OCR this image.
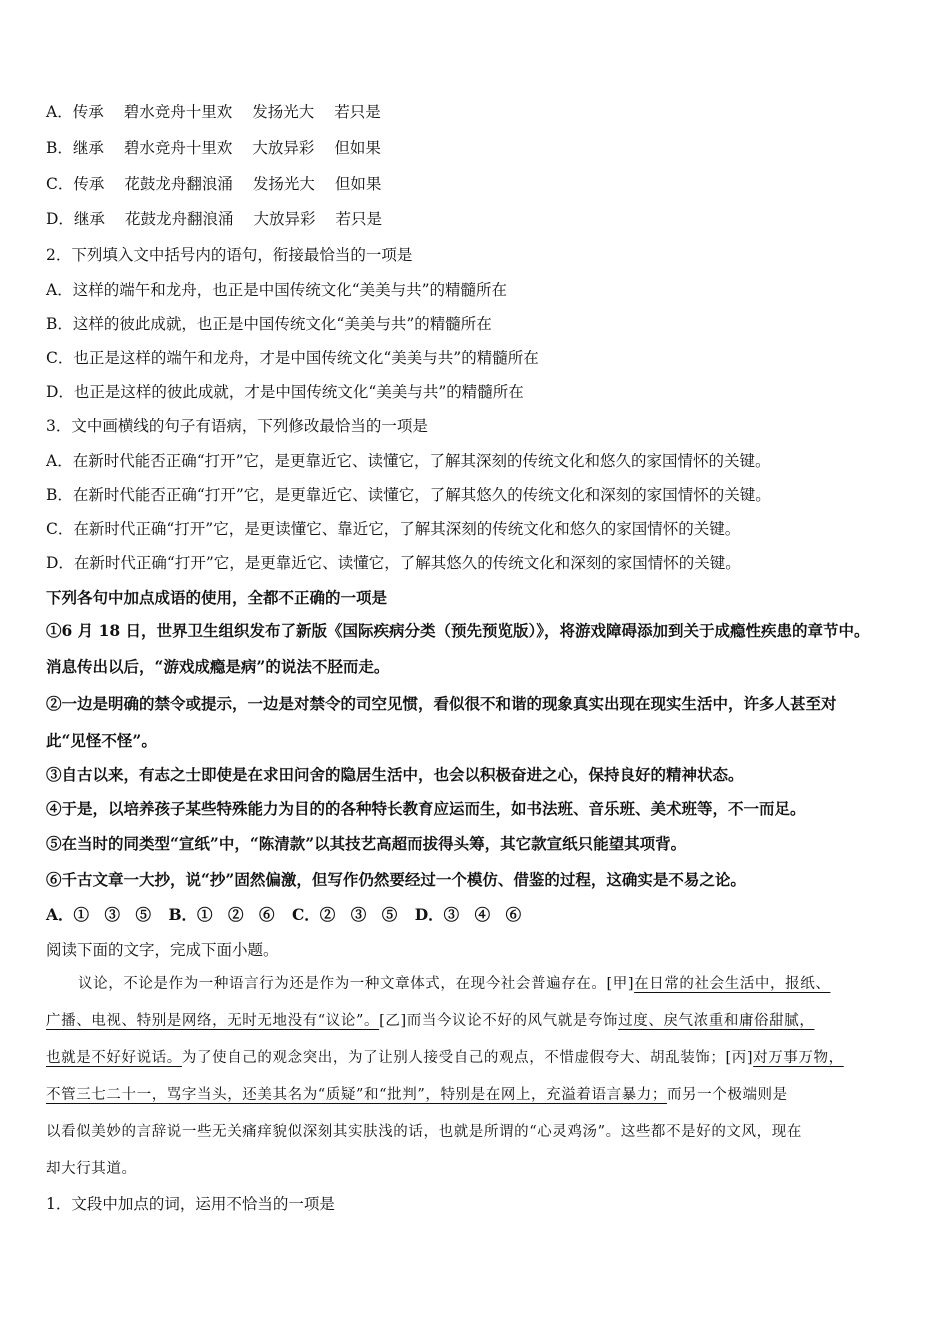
A．传承 碧水竞舟十里欢 发扬光大 若只是
B．继承 碧水竞舟十里欢 大放异彩 但如果
C．传承 花鼓龙舟翻浪涌 发扬光大 但如果
D．继承 花鼓龙舟翻浪涌 大放异彩 若只是
2．下列填入文中括号内的语句，衔接最恰当的一项是
A．这样的端午和龙舟，也正是中国传统文化“美美与共”的精髓所在
B．这样的彼此成就，也正是中国传统文化“美美与共”的精髓所在
C．也正是这样的端午和龙舟，才是中国传统文化“美美与共”的精髓所在
D．也正是这样的彼此成就，才是中国传统文化“美美与共”的精髓所在
3．文中画横线的句子有语病，下列修改最恰当的一项是
A．在新时代能否正确“打开”它，是更靠近它、读懂它，了解其深刻的传统文化和悠久的家国情怀的关键。
B．在新时代能否正确“打开”它，是更靠近它、读懂它，了解其悠久的传统文化和深刻的家国情怀的关键。
C．在新时代正确“打开”它，是更读懂它、靠近它，了解其深刻的传统文化和悠久的家国情怀的关键。
D．在新时代正确“打开”它，是更靠近它、读懂它，了解其悠久的传统文化和深刻的家国情怀的关键。
下列各句中加点成语的使用，全都不正确的一项是
①6 月 18 日，世界卫生组织发布了新版《国际疾病分类（预先预览版）》，将游戏障碍添加到关于成瘾性疾患的章节中。
消息传出以后，“游戏成瘾是病”的说法不胫而走。
②一边是明确的禁令或提示，一边是对禁令的司空见惯，看似很不和谐的现象真实出现在现实生活中，许多人甚至对
此“见怪不怪”。
③自古以来，有志之士即使是在求田问舍的隐居生活中，也会以积极奋进之心，保持良好的精神状态。
④于是，以培养孩子某些特殊能力为目的的各种特长教育应运而生，如书法班、音乐班、美术班等，不一而足。
⑤在当时的同类型“宣纸”中，“陈清款”以其技艺高超而拔得头筹，其它款宣纸只能望其项背。
⑥千古文章一大抄，说“抄”固然偏激，但写作仍然要经过一个模仿、借鉴的过程，这确实是不易之论。
A．①　③　⑤ B．①　②　⑥ C．②　③　⑤ D．③　④　⑥
阅读下面的文字，完成下面小题。
议论，不论是作为一种语言行为还是作为一种文章体式，在现今社会普遍存在。[甲]在日常的社会生活中，报纸、
广播、电视、特别是网络，无时无地没有“议论”。[乙]而当今议论不好的风气就是夸饰过度、戾气浓重和庸俗甜腻，
也就是不好好说话。为了使自己的观念突出，为了让别人接受自己的观点，不惜虚假夸大、胡乱装饰；[丙]对万事万物，
不管三七二十一，骂字当头，还美其名为“质疑”和“批判”，特别是在网上，充溢着语言暴力；而另一个极端则是
以看似美妙的言辞说一些无关痛痒貌似深刻其实肤浅的话，也就是所谓的“心灵鸡汤”。这些都不是好的文风，现在
却大行其道。
1．文段中加点的词，运用不恰当的一项是
